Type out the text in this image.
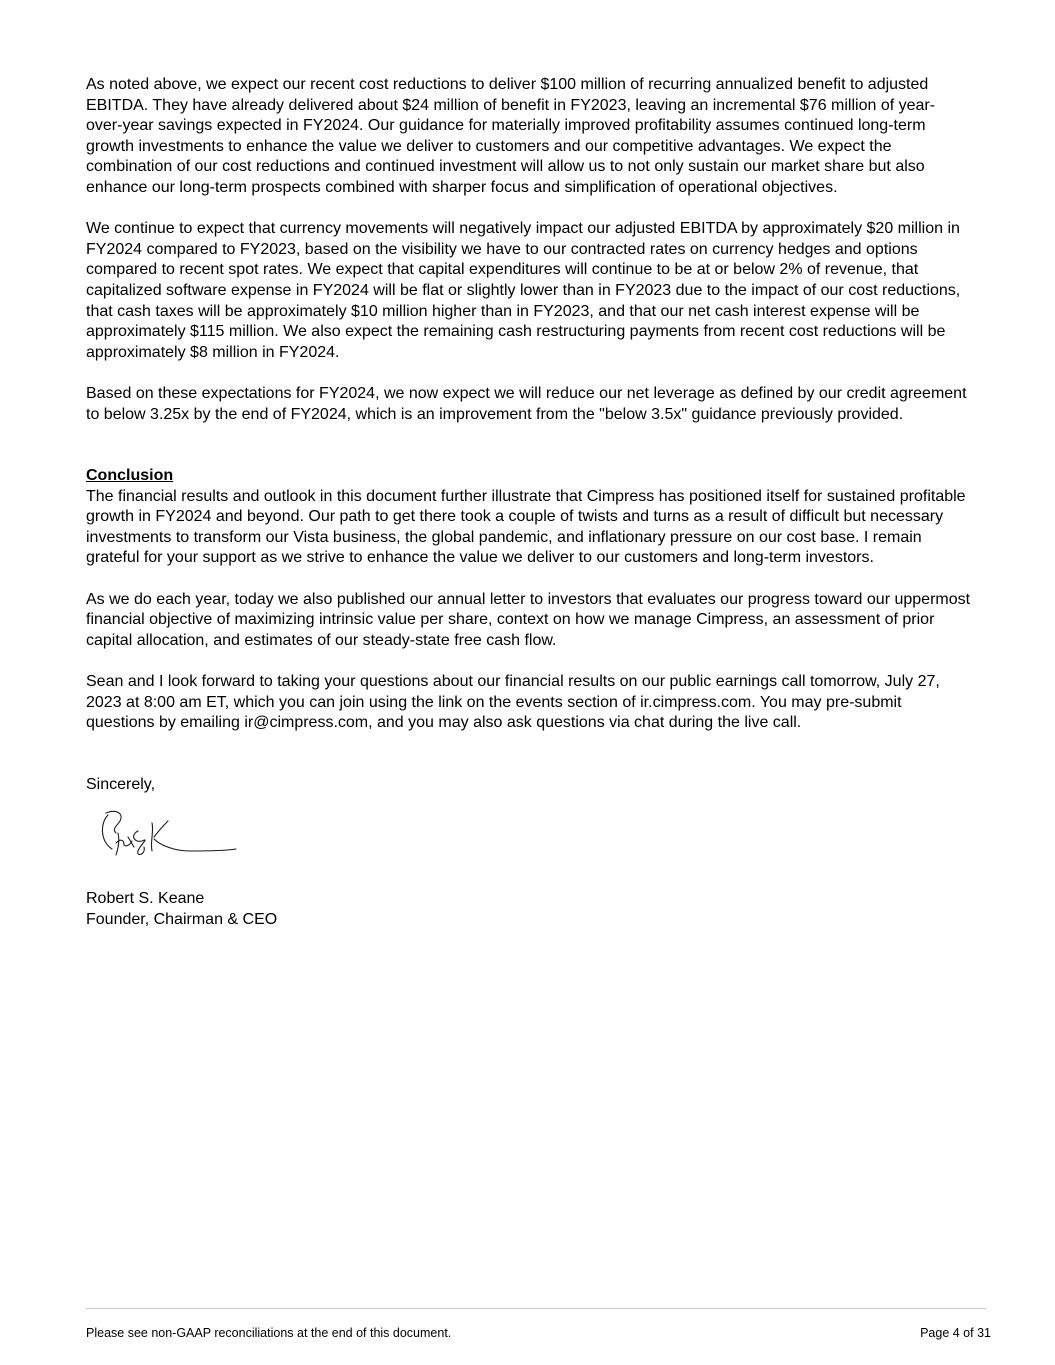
As noted above, we expect our recent cost reductions to deliver $100 million of recurring annualized benefit to adjusted EBITDA. They have already delivered about $24 million of benefit in FY2023, leaving an incremental $76 million of year-over-year savings expected in FY2024. Our guidance for materially improved profitability assumes continued long-term growth investments to enhance the value we deliver to customers and our competitive advantages. We expect the combination of our cost reductions and continued investment will allow us to not only sustain our market share but also enhance our long-term prospects combined with sharper focus and simplification of operational objectives.

We continue to expect that currency movements will negatively impact our adjusted EBITDA by approximately $20 million in FY2024 compared to FY2023, based on the visibility we have to our contracted rates on currency hedges and options compared to recent spot rates. We expect that capital expenditures will continue to be at or below 2% of revenue, that capitalized software expense in FY2024 will be flat or slightly lower than in FY2023 due to the impact of our cost reductions, that cash taxes will be approximately $10 million higher than in FY2023, and that our net cash interest expense will be approximately $115 million. We also expect the remaining cash restructuring payments from recent cost reductions will be approximately $8 million in FY2024.

Based on these expectations for FY2024, we now expect we will reduce our net leverage as defined by our credit agreement to below 3.25x by the end of FY2024, which is an improvement from the "below 3.5x" guidance previously provided.

Conclusion

The financial results and outlook in this document further illustrate that Cimpress has positioned itself for sustained profitable growth in FY2024 and beyond. Our path to get there took a couple of twists and turns as a result of difficult but necessary investments to transform our Vista business, the global pandemic, and inflationary pressure on our cost base. I remain grateful for your support as we strive to enhance the value we deliver to our customers and long-term investors.

As we do each year, today we also published our annual letter to investors that evaluates our progress toward our uppermost financial objective of maximizing intrinsic value per share, context on how we manage Cimpress, an assessment of prior capital allocation, and estimates of our steady-state free cash flow.

Sean and I look forward to taking your questions about our financial results on our public earnings call tomorrow, July 27, 2023 at 8:00 am ET, which you can join using the link on the events section of ir.cimpress.com. You may pre-submit questions by emailing ir@cimpress.com, and you may also ask questions via chat during the live call.

Sincerely,

Robert S. Keane

Founder, Chairman & CEO

Please see non-GAAP reconciliations at the end of this document.	Page 4 of 31
